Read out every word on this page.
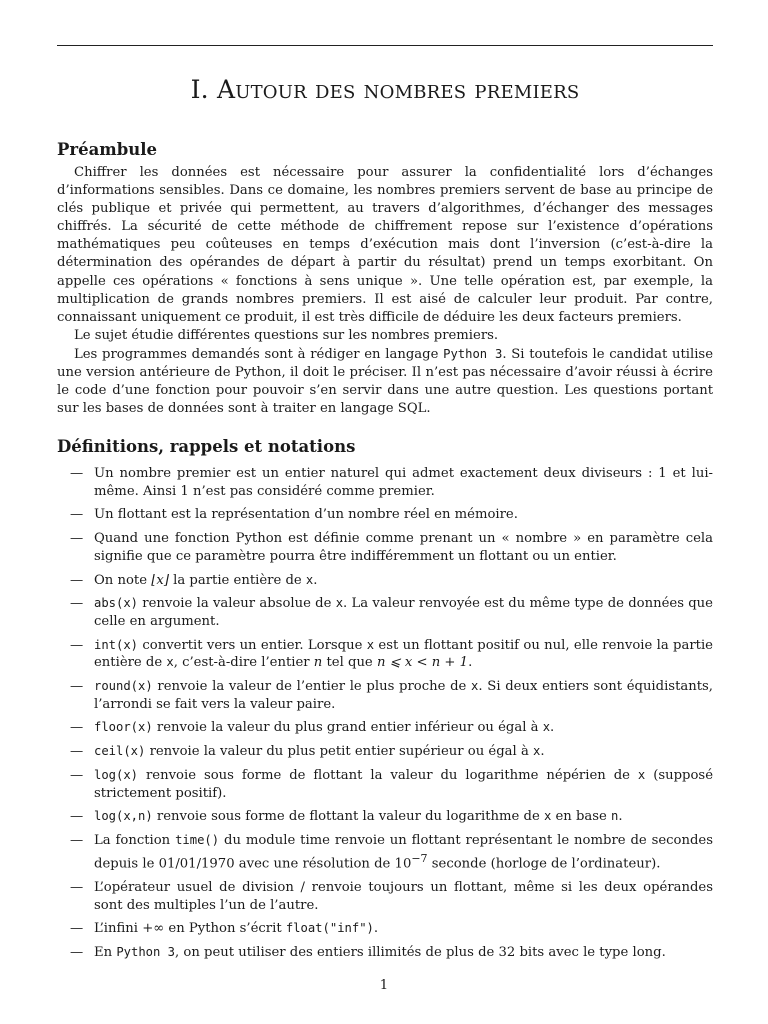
I. Autour des nombres premiers
Préambule

Chiffrer les données est nécessaire pour assurer la confidentialité lors d’échanges d’informations sensibles. Dans ce domaine, les nombres premiers servent de base au principe de clés publique et privée qui permettent, au travers d’algorithmes, d’échanger des messages chiffrés. La sécurité de cette méthode de chiffrement repose sur l’existence d’opérations mathématiques peu coûteuses en temps d’exécution mais dont l’inversion (c’est-à-dire la détermination des opérandes de départ à partir du résultat) prend un temps exorbitant. On appelle ces opérations « fonctions à sens unique ». Une telle opération est, par exemple, la multiplication de grands nombres premiers. Il est aisé de calculer leur produit. Par contre, connaissant uniquement ce produit, il est très difficile de déduire les deux facteurs premiers.

Le sujet étudie différentes questions sur les nombres premiers.

Les programmes demandés sont à rédiger en langage Python 3. Si toutefois le candidat utilise une version antérieure de Python, il doit le préciser. Il n’est pas nécessaire d’avoir réussi à écrire le code d’une fonction pour pouvoir s’en servir dans une autre question. Les questions portant sur les bases de données sont à traiter en langage SQL.

Définitions, rappels et notations
— Un nombre premier est un entier naturel qui admet exactement deux diviseurs : 1 et lui-même. Ainsi 1 n’est pas considéré comme premier.
— Un flottant est la représentation d’un nombre réel en mémoire.
— Quand une fonction Python est définie comme prenant un « nombre » en paramètre cela signifie que ce paramètre pourra être indifféremment un flottant ou un entier.
— On note ⌊x⌋ la partie entière de x.
— abs(x) renvoie la valeur absolue de x. La valeur renvoyée est du même type de données que celle en argument.
— int(x) convertit vers un entier. Lorsque x est un flottant positif ou nul, elle renvoie la partie entière de x, c’est-à-dire l’entier n tel que n ⩽ x < n + 1.
— round(x) renvoie la valeur de l’entier le plus proche de x. Si deux entiers sont équidistants, l’arrondi se fait vers la valeur paire.
— floor(x) renvoie la valeur du plus grand entier inférieur ou égal à x.
— ceil(x) renvoie la valeur du plus petit entier supérieur ou égal à x.
— log(x) renvoie sous forme de flottant la valeur du logarithme népérien de x (supposé strictement positif).
— log(x,n) renvoie sous forme de flottant la valeur du logarithme de x en base n.
— La fonction time() du module time renvoie un flottant représentant le nombre de secondes depuis le 01/01/1970 avec une résolution de $10^{-7}$ seconde (horloge de l’ordinateur).
— L’opérateur usuel de division / renvoie toujours un flottant, même si les deux opérandes sont des multiples l’un de l’autre.
— L’infini +∞ en Python s’écrit float("inf").
— En Python 3, on peut utiliser des entiers illimités de plus de 32 bits avec le type long.
1
